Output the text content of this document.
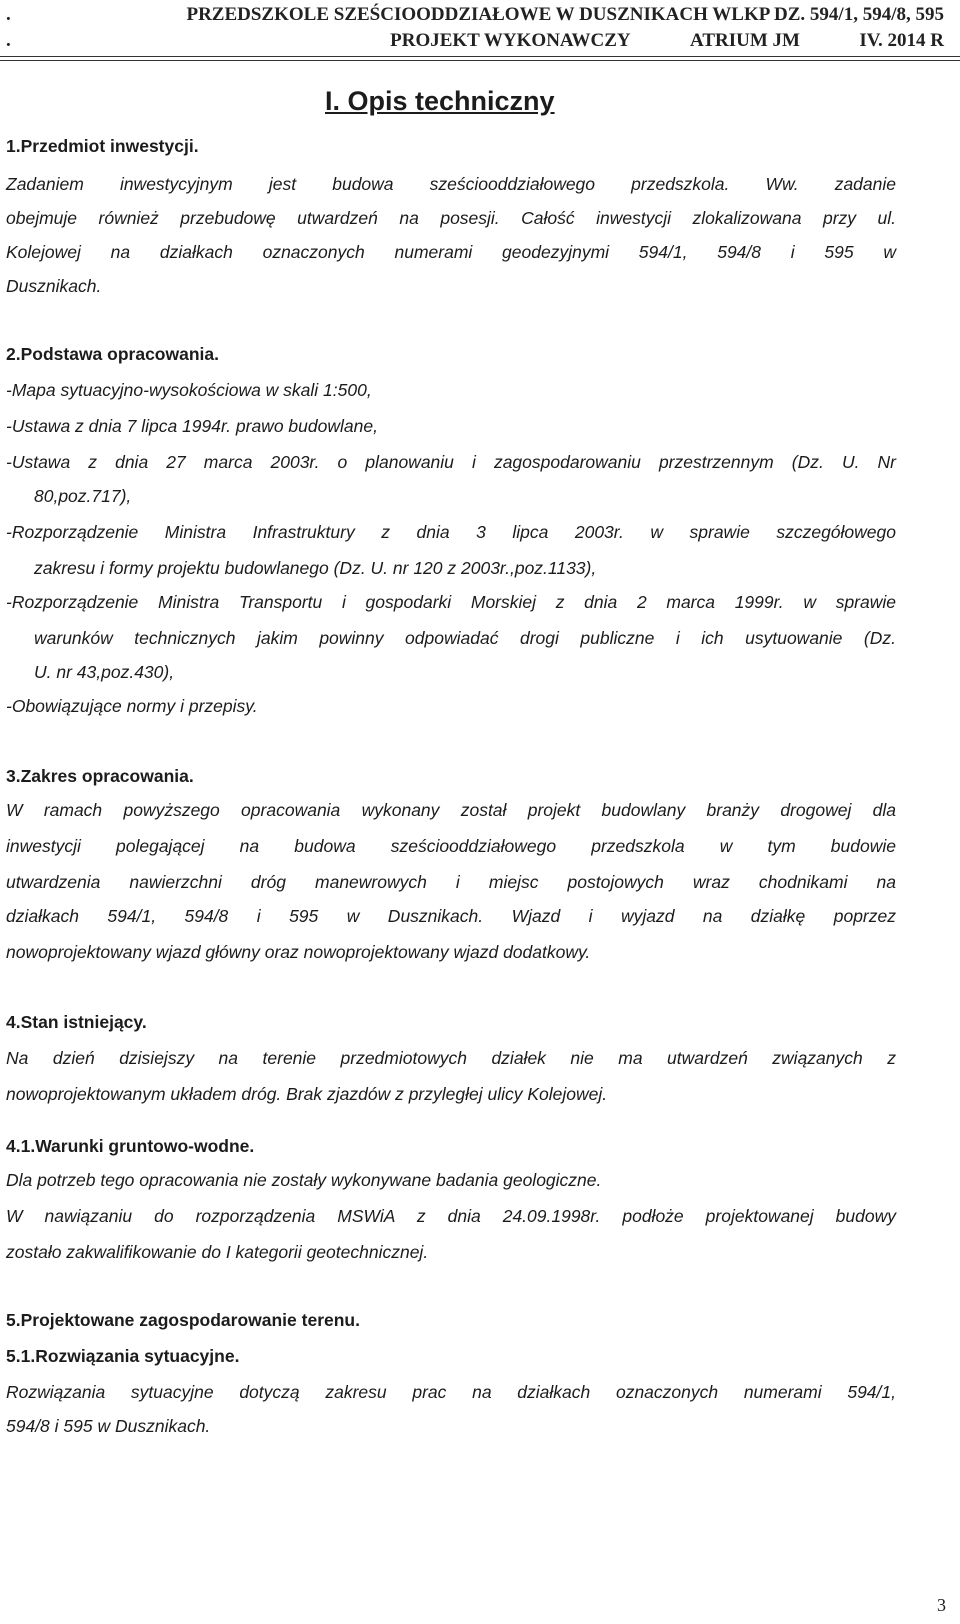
.	PRZEDSZKOLE SZEŚCIOODDZIAŁOWE W DUSZNIKACH WLKP DZ. 594/1, 594/8, 595
.	PROJEKT WYKONAWCZY	ATRIUM JM	IV. 2014 R
I. Opis techniczny

1.Przedmiot inwestycji.

Zadaniem inwestycyjnym jest budowa sześciooddziałowego przedszkola. Ww. zadanie

obejmuje również przebudowę utwardzeń na posesji. Całość inwestycji zlokalizowana przy ul.

Kolejowej na działkach oznaczonych numerami geodezyjnymi 594/1, 594/8 i 595 w

Dusznikach.

2.Podstawa opracowania.

-Mapa sytuacyjno-wysokościowa w skali 1:500,

-Ustawa z dnia 7 lipca 1994r. prawo budowlane,

-Ustawa z dnia 27 marca 2003r. o planowaniu i zagospodarowaniu przestrzennym (Dz. U. Nr

80,poz.717),

-Rozporządzenie Ministra Infrastruktury z dnia 3 lipca 2003r. w sprawie szczegółowego

zakresu i formy projektu budowlanego (Dz. U. nr 120 z 2003r.,poz.1133),

-Rozporządzenie Ministra Transportu i gospodarki Morskiej z dnia 2 marca 1999r. w sprawie

warunków technicznych jakim powinny odpowiadać drogi publiczne i ich usytuowanie (Dz.

U. nr 43,poz.430),

-Obowiązujące normy i przepisy.

3.Zakres opracowania.

W ramach powyższego opracowania wykonany został projekt budowlany branży drogowej dla

inwestycji polegającej na budowa sześciooddziałowego przedszkola w tym budowie

utwardzenia nawierzchni dróg manewrowych i miejsc postojowych wraz chodnikami na

działkach 594/1, 594/8 i 595 w Dusznikach. Wjazd i wyjazd na działkę poprzez

nowoprojektowany wjazd główny oraz nowoprojektowany wjazd dodatkowy.

4.Stan istniejący.

Na dzień dzisiejszy na terenie przedmiotowych działek nie ma utwardzeń związanych z

nowoprojektowanym układem dróg. Brak zjazdów z przyległej ulicy Kolejowej.

4.1.Warunki gruntowo-wodne.

Dla potrzeb tego opracowania nie zostały wykonywane badania geologiczne.

W nawiązaniu do rozporządzenia MSWiA z dnia 24.09.1998r. podłoże projektowanej budowy

zostało zakwalifikowanie do I kategorii geotechnicznej.

5.Projektowane zagospodarowanie terenu.

5.1.Rozwiązania sytuacyjne.

Rozwiązania sytuacyjne dotyczą zakresu prac na działkach oznaczonych numerami 594/1,

594/8 i 595 w Dusznikach.

3
